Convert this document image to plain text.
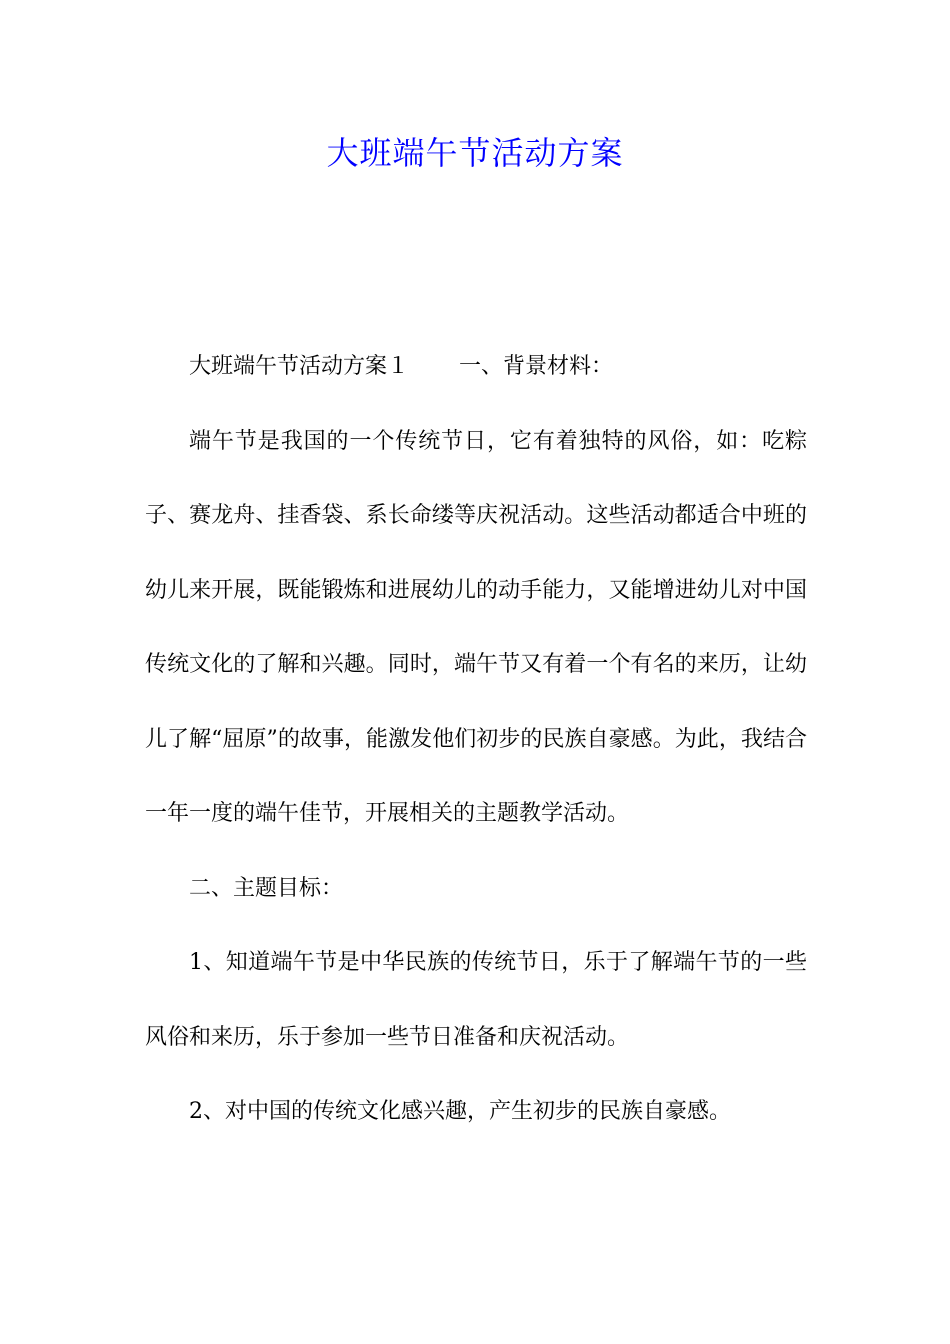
大班端午节活动方案

大班端午节活动方案１ 一、背景材料：

端午节是我国的一个传统节日，它有着独特的风俗，如：吃粽子、赛龙舟、挂香袋、系长命缕等庆祝活动。这些活动都适合中班的幼儿来开展，既能锻炼和进展幼儿的动手能力，又能增进幼儿对中国传统文化的了解和兴趣。同时，端午节又有着一个有名的来历，让幼儿了解“屈原”的故事，能激发他们初步的民族自豪感。为此，我结合一年一度的端午佳节，开展相关的主题教学活动。

二、主题目标：

1、知道端午节是中华民族的传统节日，乐于了解端午节的一些风俗和来历，乐于参加一些节日准备和庆祝活动。

2、对中国的传统文化感兴趣，产生初步的民族自豪感。
